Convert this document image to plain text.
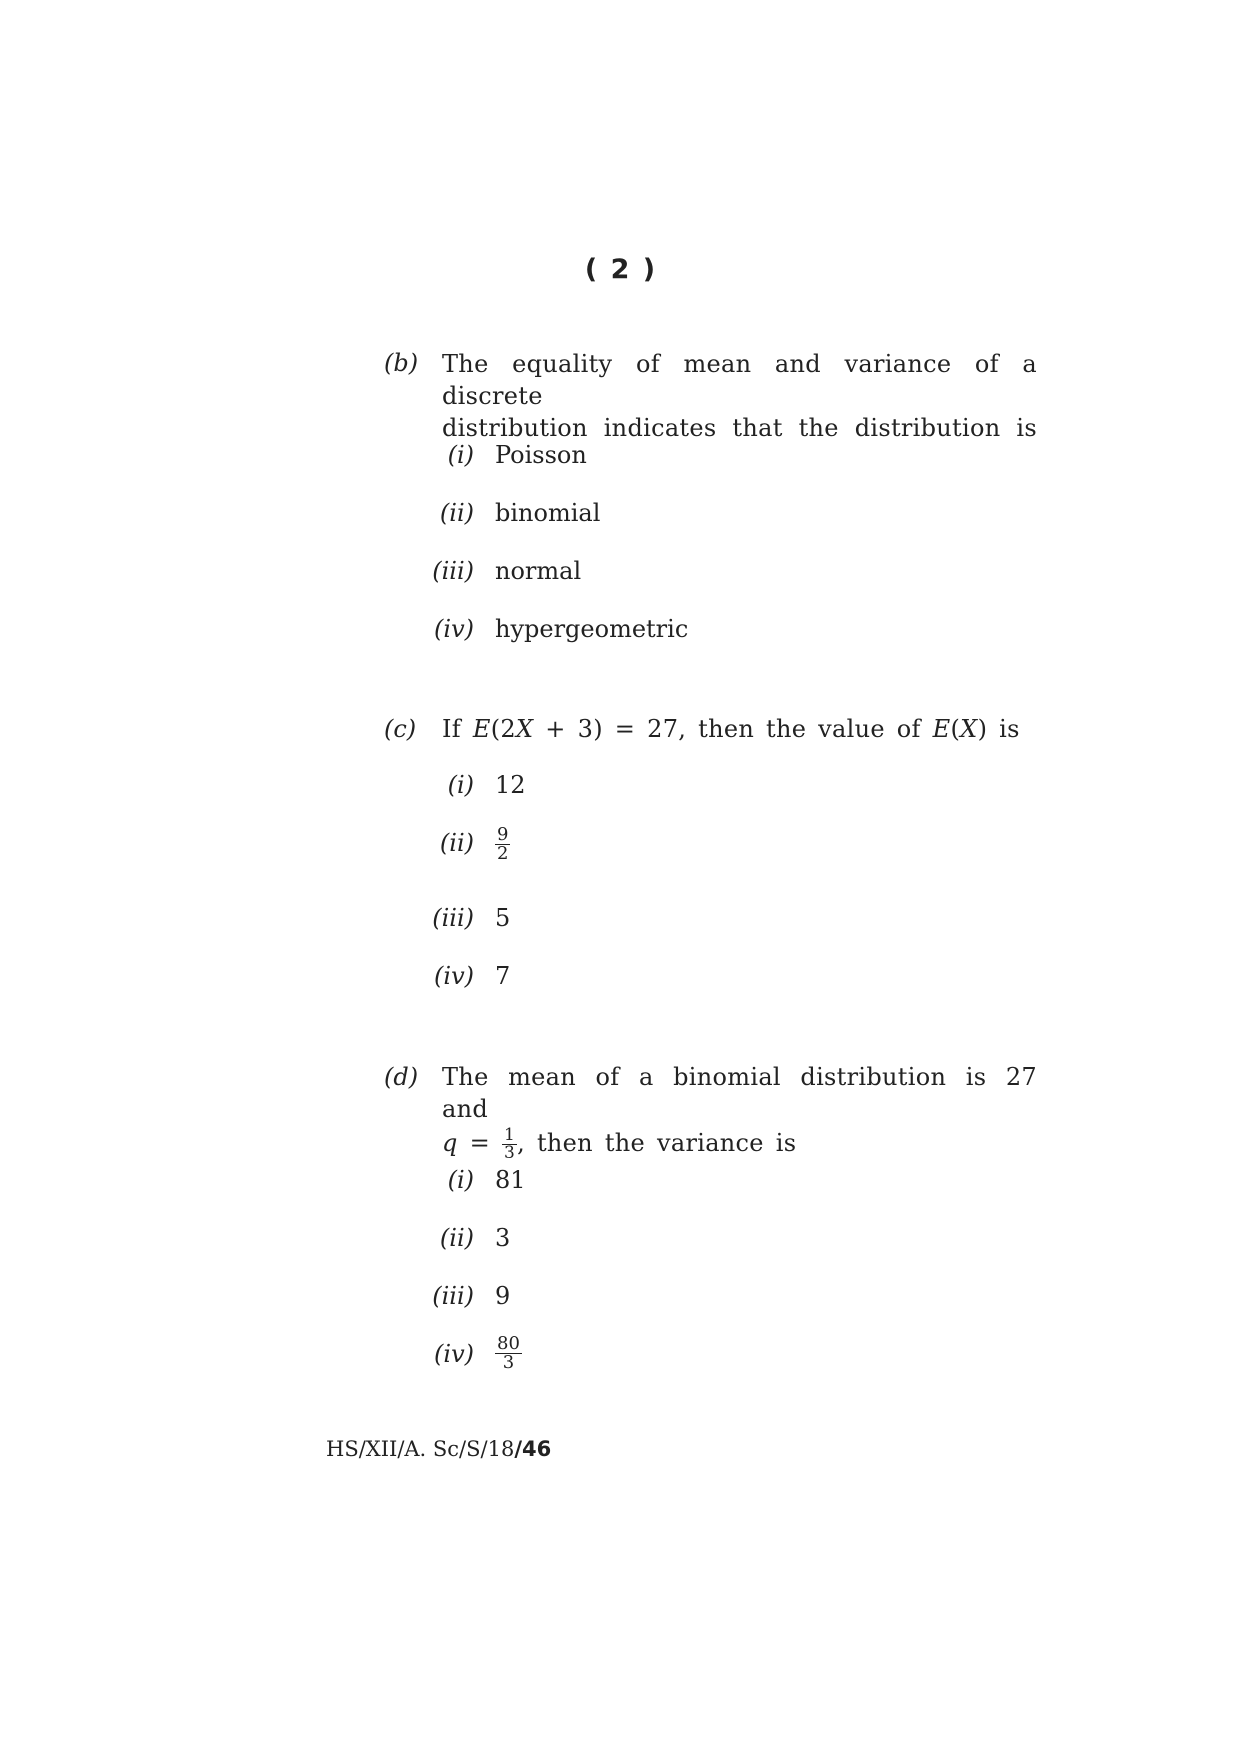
( 2 )
(b) The equality of mean and variance of a discrete
distribution indicates that the distribution is
(i) Poisson
(ii) binomial
(iii) normal
(iv) hypergeometric
(c)	If E(2X + 3) = 27, then the value of E(X) is
(i) 12
$(ii) \frac{9}{2}$
(iii) 5
(iv) 7
(d) The mean of a binomial distribution is 27 and
$q = \frac{1}{3}$ , then the variance is
(i) 81
(ii) 3
(iii) 9
$(iv) \frac{80}{3}$
HS/XII/A. Sc/S/18/46
